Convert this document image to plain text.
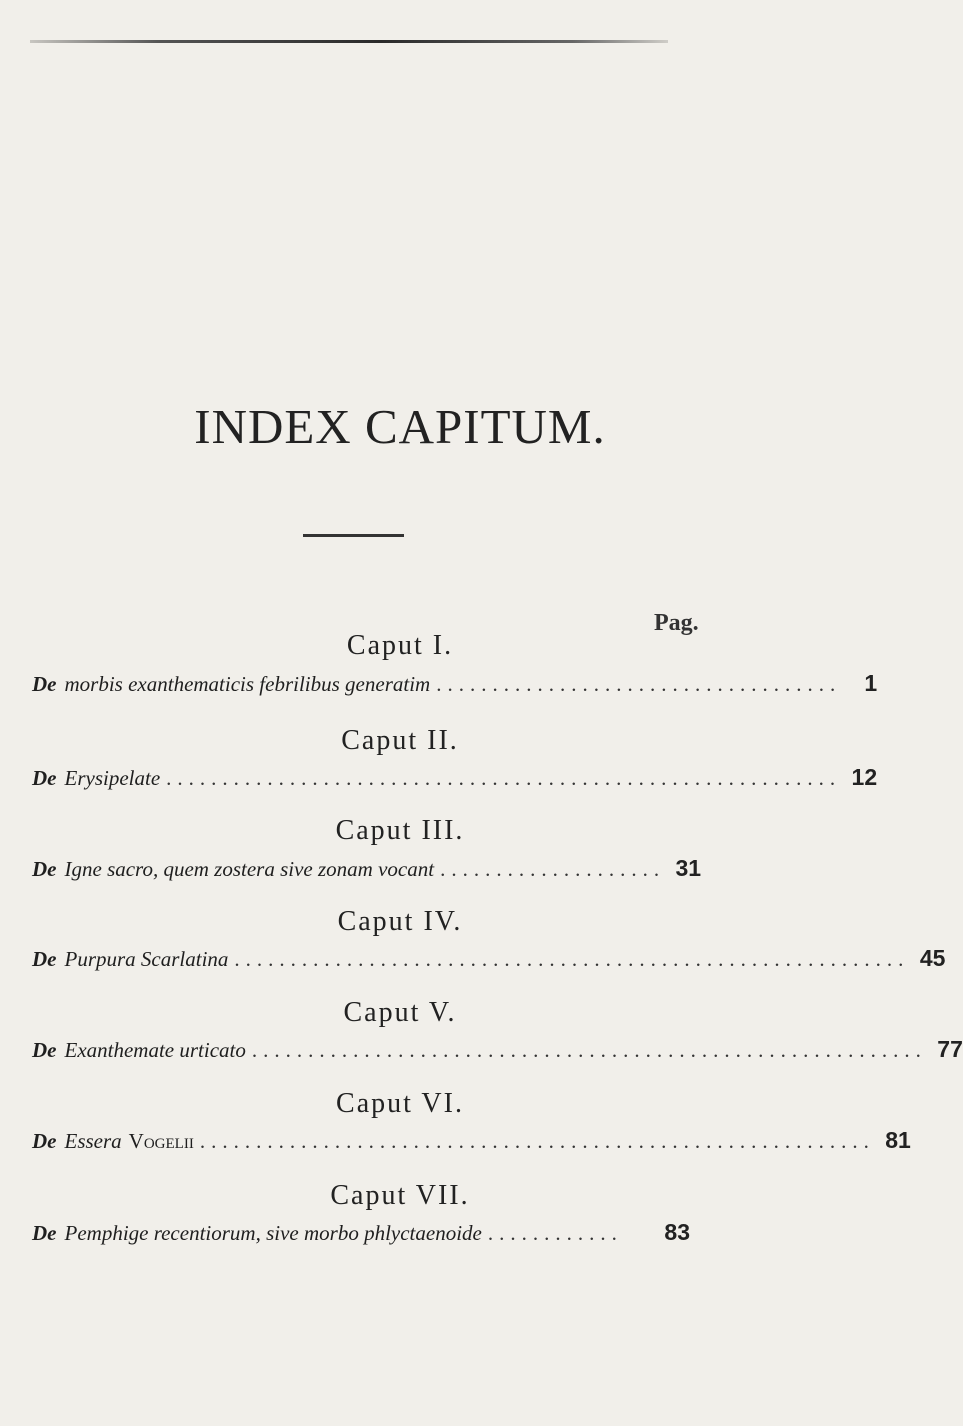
INDEX CAPITUM.
Pag.
Caput I.
De morbis exanthematicis febrilibus generatim ....................................	1
Caput II.
De Erysipelate ............................................................ 12
Caput III.
De Igne sacro, quem zostera sive zonam vocant .................... 31
Caput IV.
De Purpura Scarlatina ............................................................ 45
Caput V.
De Exanthemate urticato ............................................................ 77
Caput VI.
De Essera Vogelii ............................................................ 81
Caput VII.
De Pemphige recentiorum, sive morbo phlyctaenoide ............	83
